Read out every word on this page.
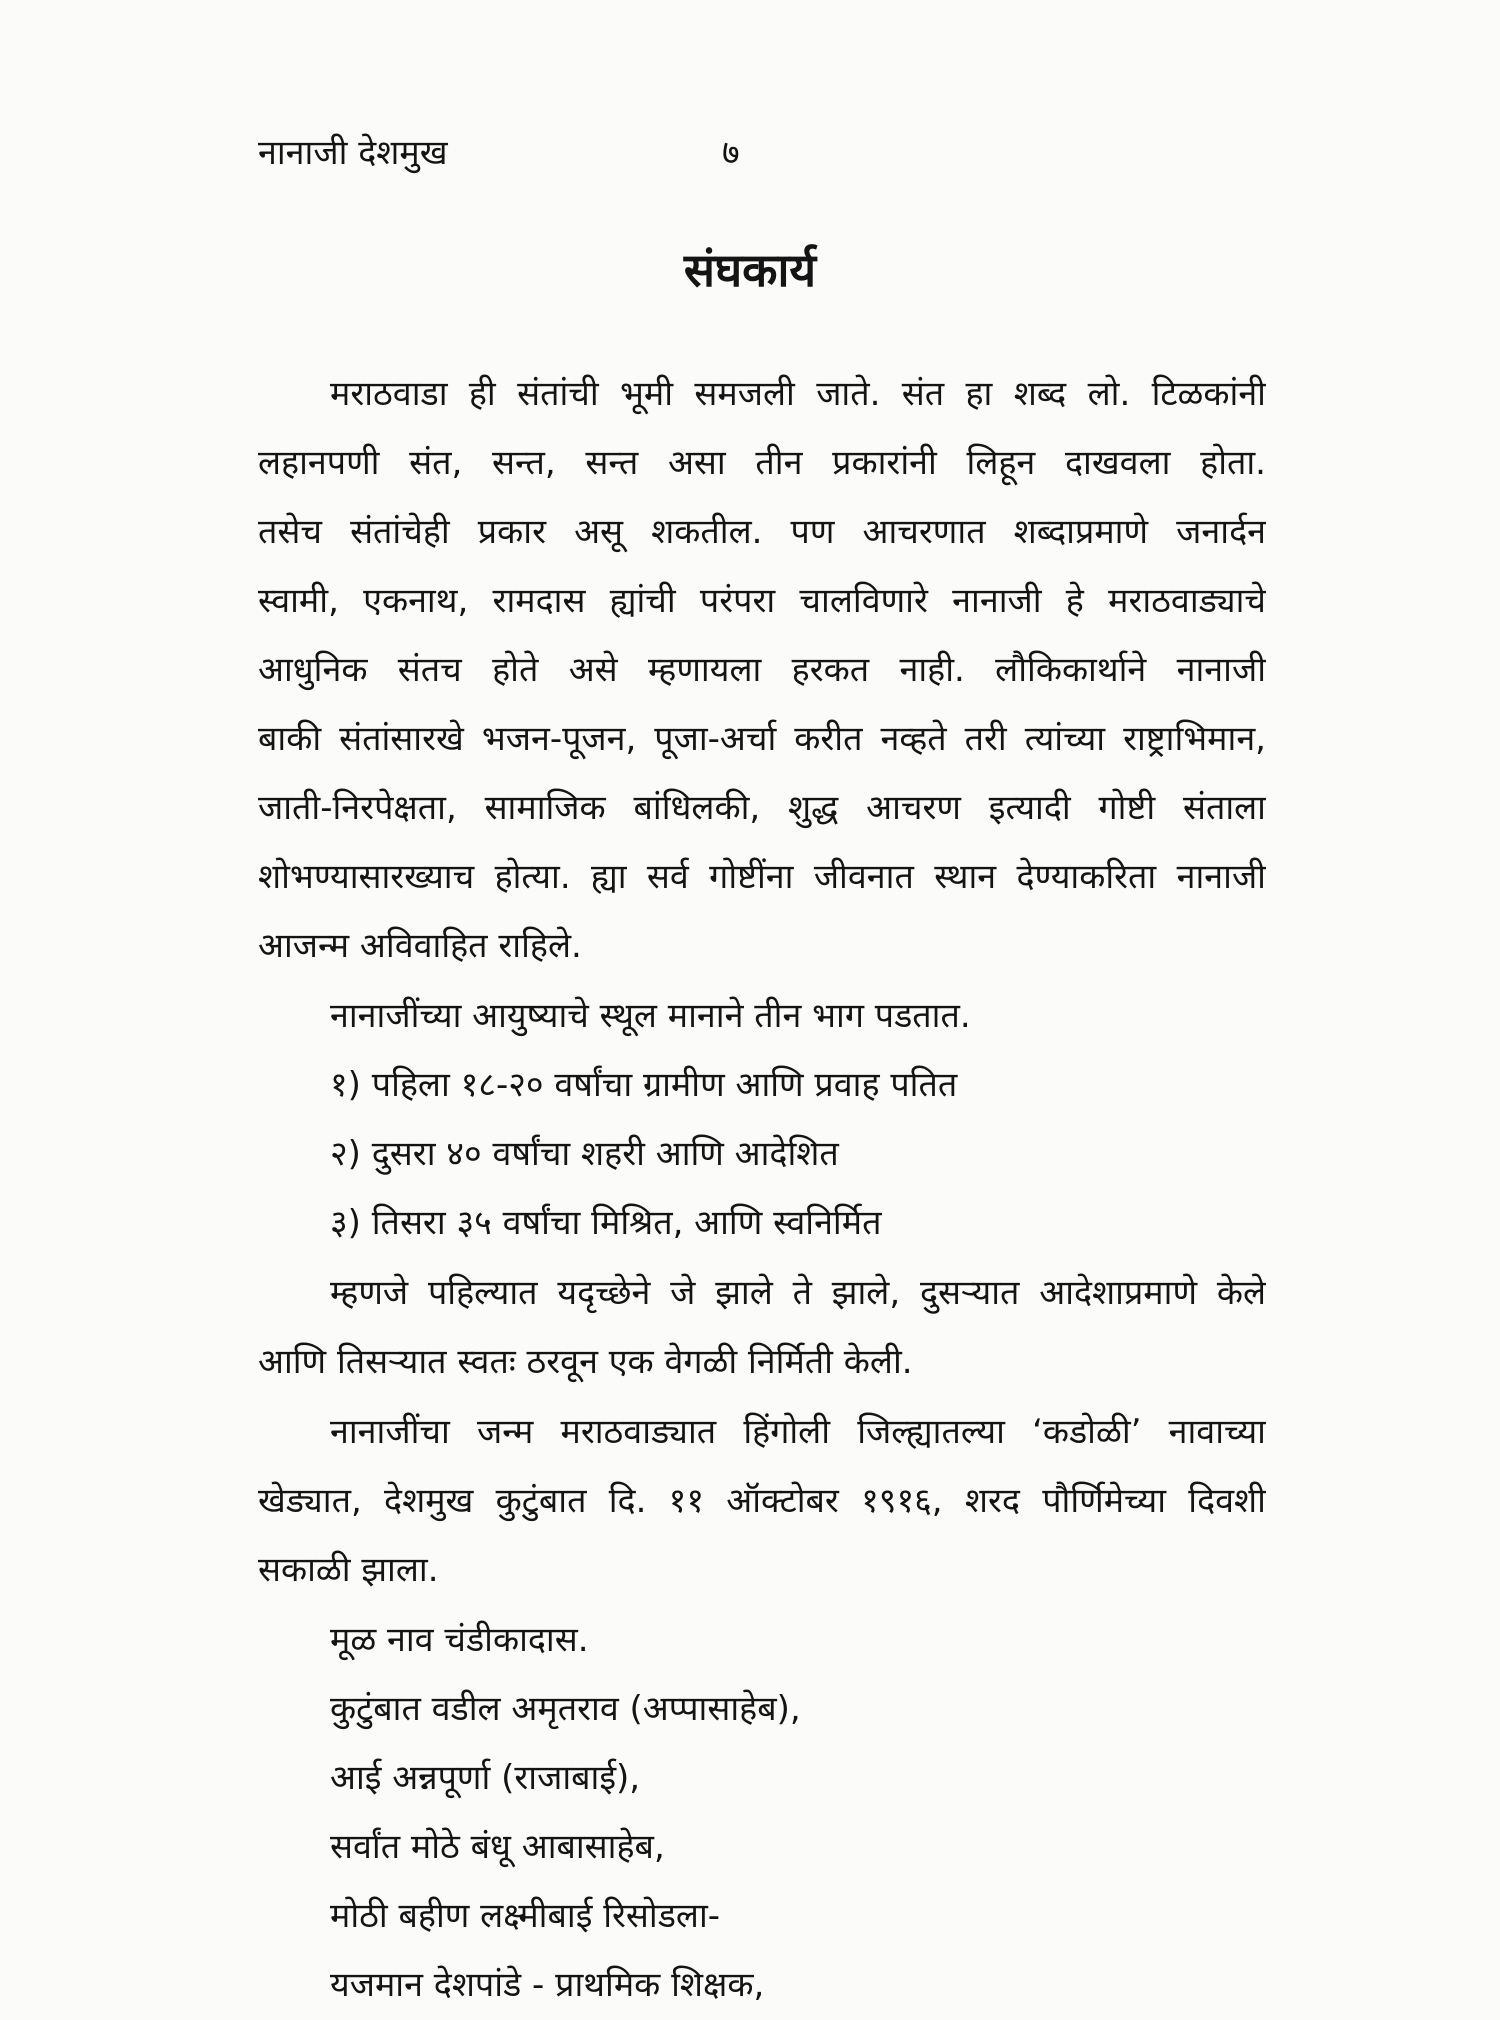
नानाजी देशमुख	७
संघकार्य
मराठवाडा ही संतांची भूमी समजली जाते. संत हा शब्द लो. टिळकांनी
लहानपणी संत, सन्त, सन्त असा तीन प्रकारांनी लिहून दाखवला होता.
तसेच संतांचेही प्रकार असू शकतील. पण आचरणात शब्दाप्रमाणे जनार्दन
स्वामी, एकनाथ, रामदास ह्यांची परंपरा चालविणारे नानाजी हे मराठवाड्याचे
आधुनिक संतच होते असे म्हणायला हरकत नाही. लौकिकार्थाने नानाजी
बाकी संतांसारखे भजन-पूजन, पूजा-अर्चा करीत नव्हते तरी त्यांच्या राष्ट्राभिमान,
जाती-निरपेक्षता, सामाजिक बांधिलकी, शुद्ध आचरण इत्यादी गोष्टी संताला
शोभण्यासारख्याच होत्या. ह्या सर्व गोष्टींना जीवनात स्थान देण्याकरिता नानाजी
आजन्म अविवाहित राहिले.
नानाजींच्या आयुष्याचे स्थूल मानाने तीन भाग पडतात.
१) पहिला १८-२० वर्षांचा ग्रामीण आणि प्रवाह पतित
२) दुसरा ४० वर्षांचा शहरी आणि आदेशित
३) तिसरा ३५ वर्षांचा मिश्रित, आणि स्वनिर्मित
म्हणजे पहिल्यात यदृच्छेने जे झाले ते झाले, दुसऱ्यात आदेशाप्रमाणे केले
आणि तिसऱ्यात स्वतः ठरवून एक वेगळी निर्मिती केली.
नानाजींचा जन्म मराठवाड्यात हिंगोली जिल्ह्यातल्या ‘कडोळी’ नावाच्या
खेड्यात, देशमुख कुटुंबात दि. ११ ऑक्टोबर १९१६, शरद पौर्णिमेच्या दिवशी
सकाळी झाला.
मूळ नाव चंडीकादास.
कुटुंबात वडील अमृतराव (अप्पासाहेब),
आई अन्नपूर्णा (राजाबाई),
सर्वांत मोठे बंधू आबासाहेब,
मोठी बहीण लक्ष्मीबाई रिसोडला-
यजमान देशपांडे - प्राथमिक शिक्षक,
